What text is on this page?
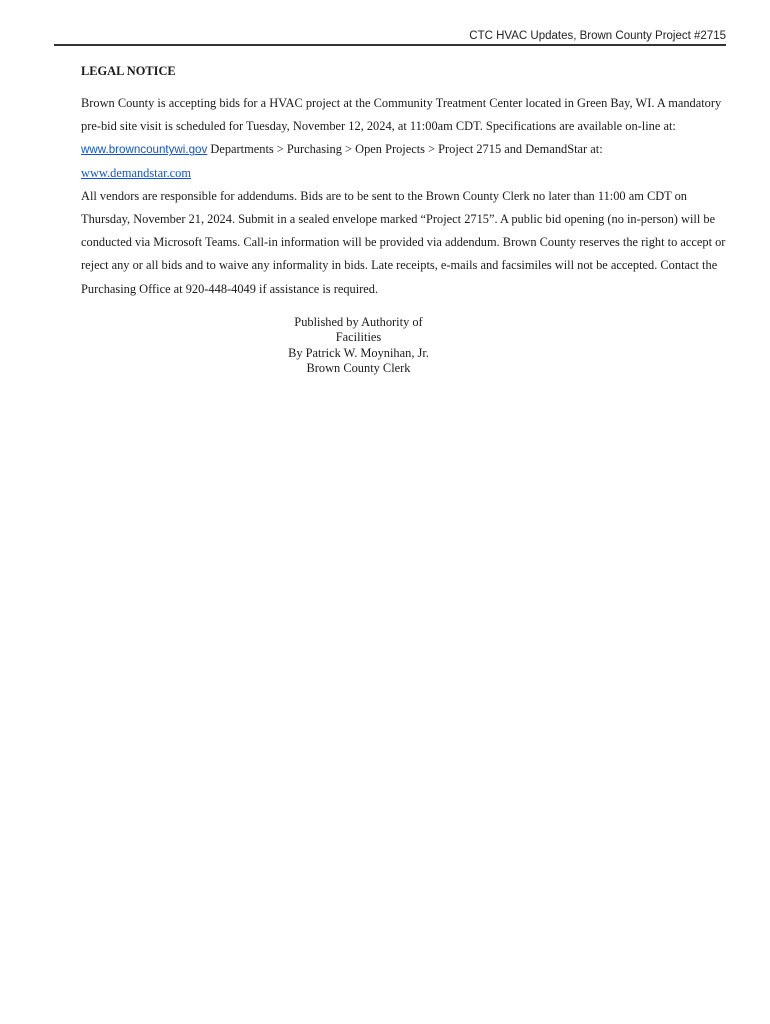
CTC HVAC Updates, Brown County Project #2715
LEGAL NOTICE

Brown County is accepting bids for a HVAC project at the Community Treatment Center located in Green Bay, WI. A mandatory pre-bid site visit is scheduled for Tuesday, November 12, 2024, at 11:00am CDT. Specifications are available on-line at: www.browncountywi.gov Departments > Purchasing > Open Projects > Project 2715 and DemandStar at:
www.demandstar.com

All vendors are responsible for addendums. Bids are to be sent to the Brown County Clerk no later than 11:00 am CDT on Thursday, November 21, 2024. Submit in a sealed envelope marked “Project 2715”. A public bid opening (no in-person) will be conducted via Microsoft Teams. Call-in information will be provided via addendum. Brown County reserves the right to accept or reject any or all bids and to waive any informality in bids. Late receipts, e-mails and facsimiles will not be accepted. Contact the Purchasing Office at 920-448-4049 if assistance is required.

Published by Authority of
Facilities
By Patrick W. Moynihan, Jr.
Brown County Clerk
